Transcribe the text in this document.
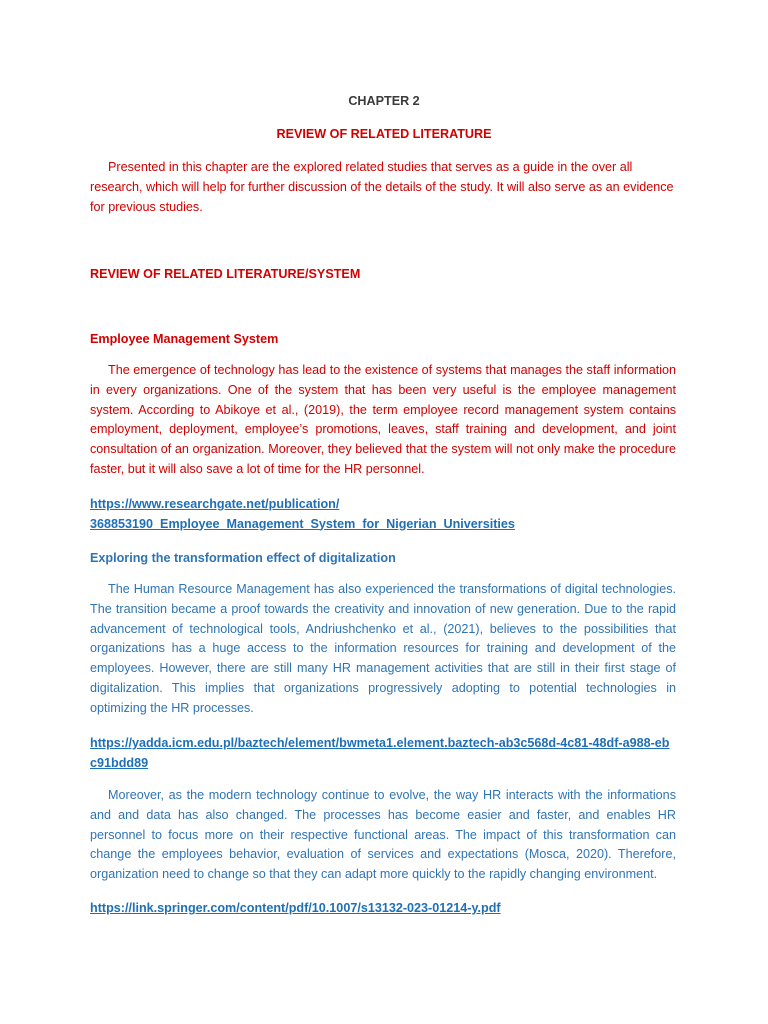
CHAPTER 2
REVIEW OF RELATED LITERATURE
Presented in this chapter are the explored related studies that serves as a guide in the over all research, which will help for further discussion of the details of the study. It will also serve as an evidence for previous studies.
REVIEW OF RELATED LITERATURE/SYSTEM
Employee Management System
The emergence of technology has lead to the existence of systems that manages the staff information in every organizations. One of the system that has been very useful is the employee management system. According to Abikoye et al., (2019), the term employee record management system contains employment, deployment, employee’s promotions, leaves, staff training and development, and joint consultation of an organization. Moreover, they believed that the system will not only make the procedure faster, but it will also save a lot of time for the HR personnel.
https://www.researchgate.net/publication/
368853190_Employee_Management_System_for_Nigerian_Universities
Exploring the transformation effect of digitalization
The Human Resource Management has also experienced the transformations of digital technologies. The transition became a proof towards the creativity and innovation of new generation. Due to the rapid advancement of technological tools, Andriushchenko et al., (2021), believes to the possibilities that organizations has a huge access to the information resources for training and development of the employees. However, there are still many HR management activities that are still in their first stage of digitalization. This implies that organizations progressively adopting to potential technologies in optimizing the HR processes.
https://yadda.icm.edu.pl/baztech/element/bwmeta1.element.baztech-ab3c568d-4c81-48df-a988-ebc91bdd89
Moreover, as the modern technology continue to evolve, the way HR interacts with the informations and and data has also changed. The processes has become easier and faster, and enables HR personnel to focus more on their respective functional areas. The impact of this transformation can change the employees behavior, evaluation of services and expectations (Mosca, 2020). Therefore, organization need to change so that they can adapt more quickly to the rapidly changing environment.
https://link.springer.com/content/pdf/10.1007/s13132-023-01214-y.pdf
